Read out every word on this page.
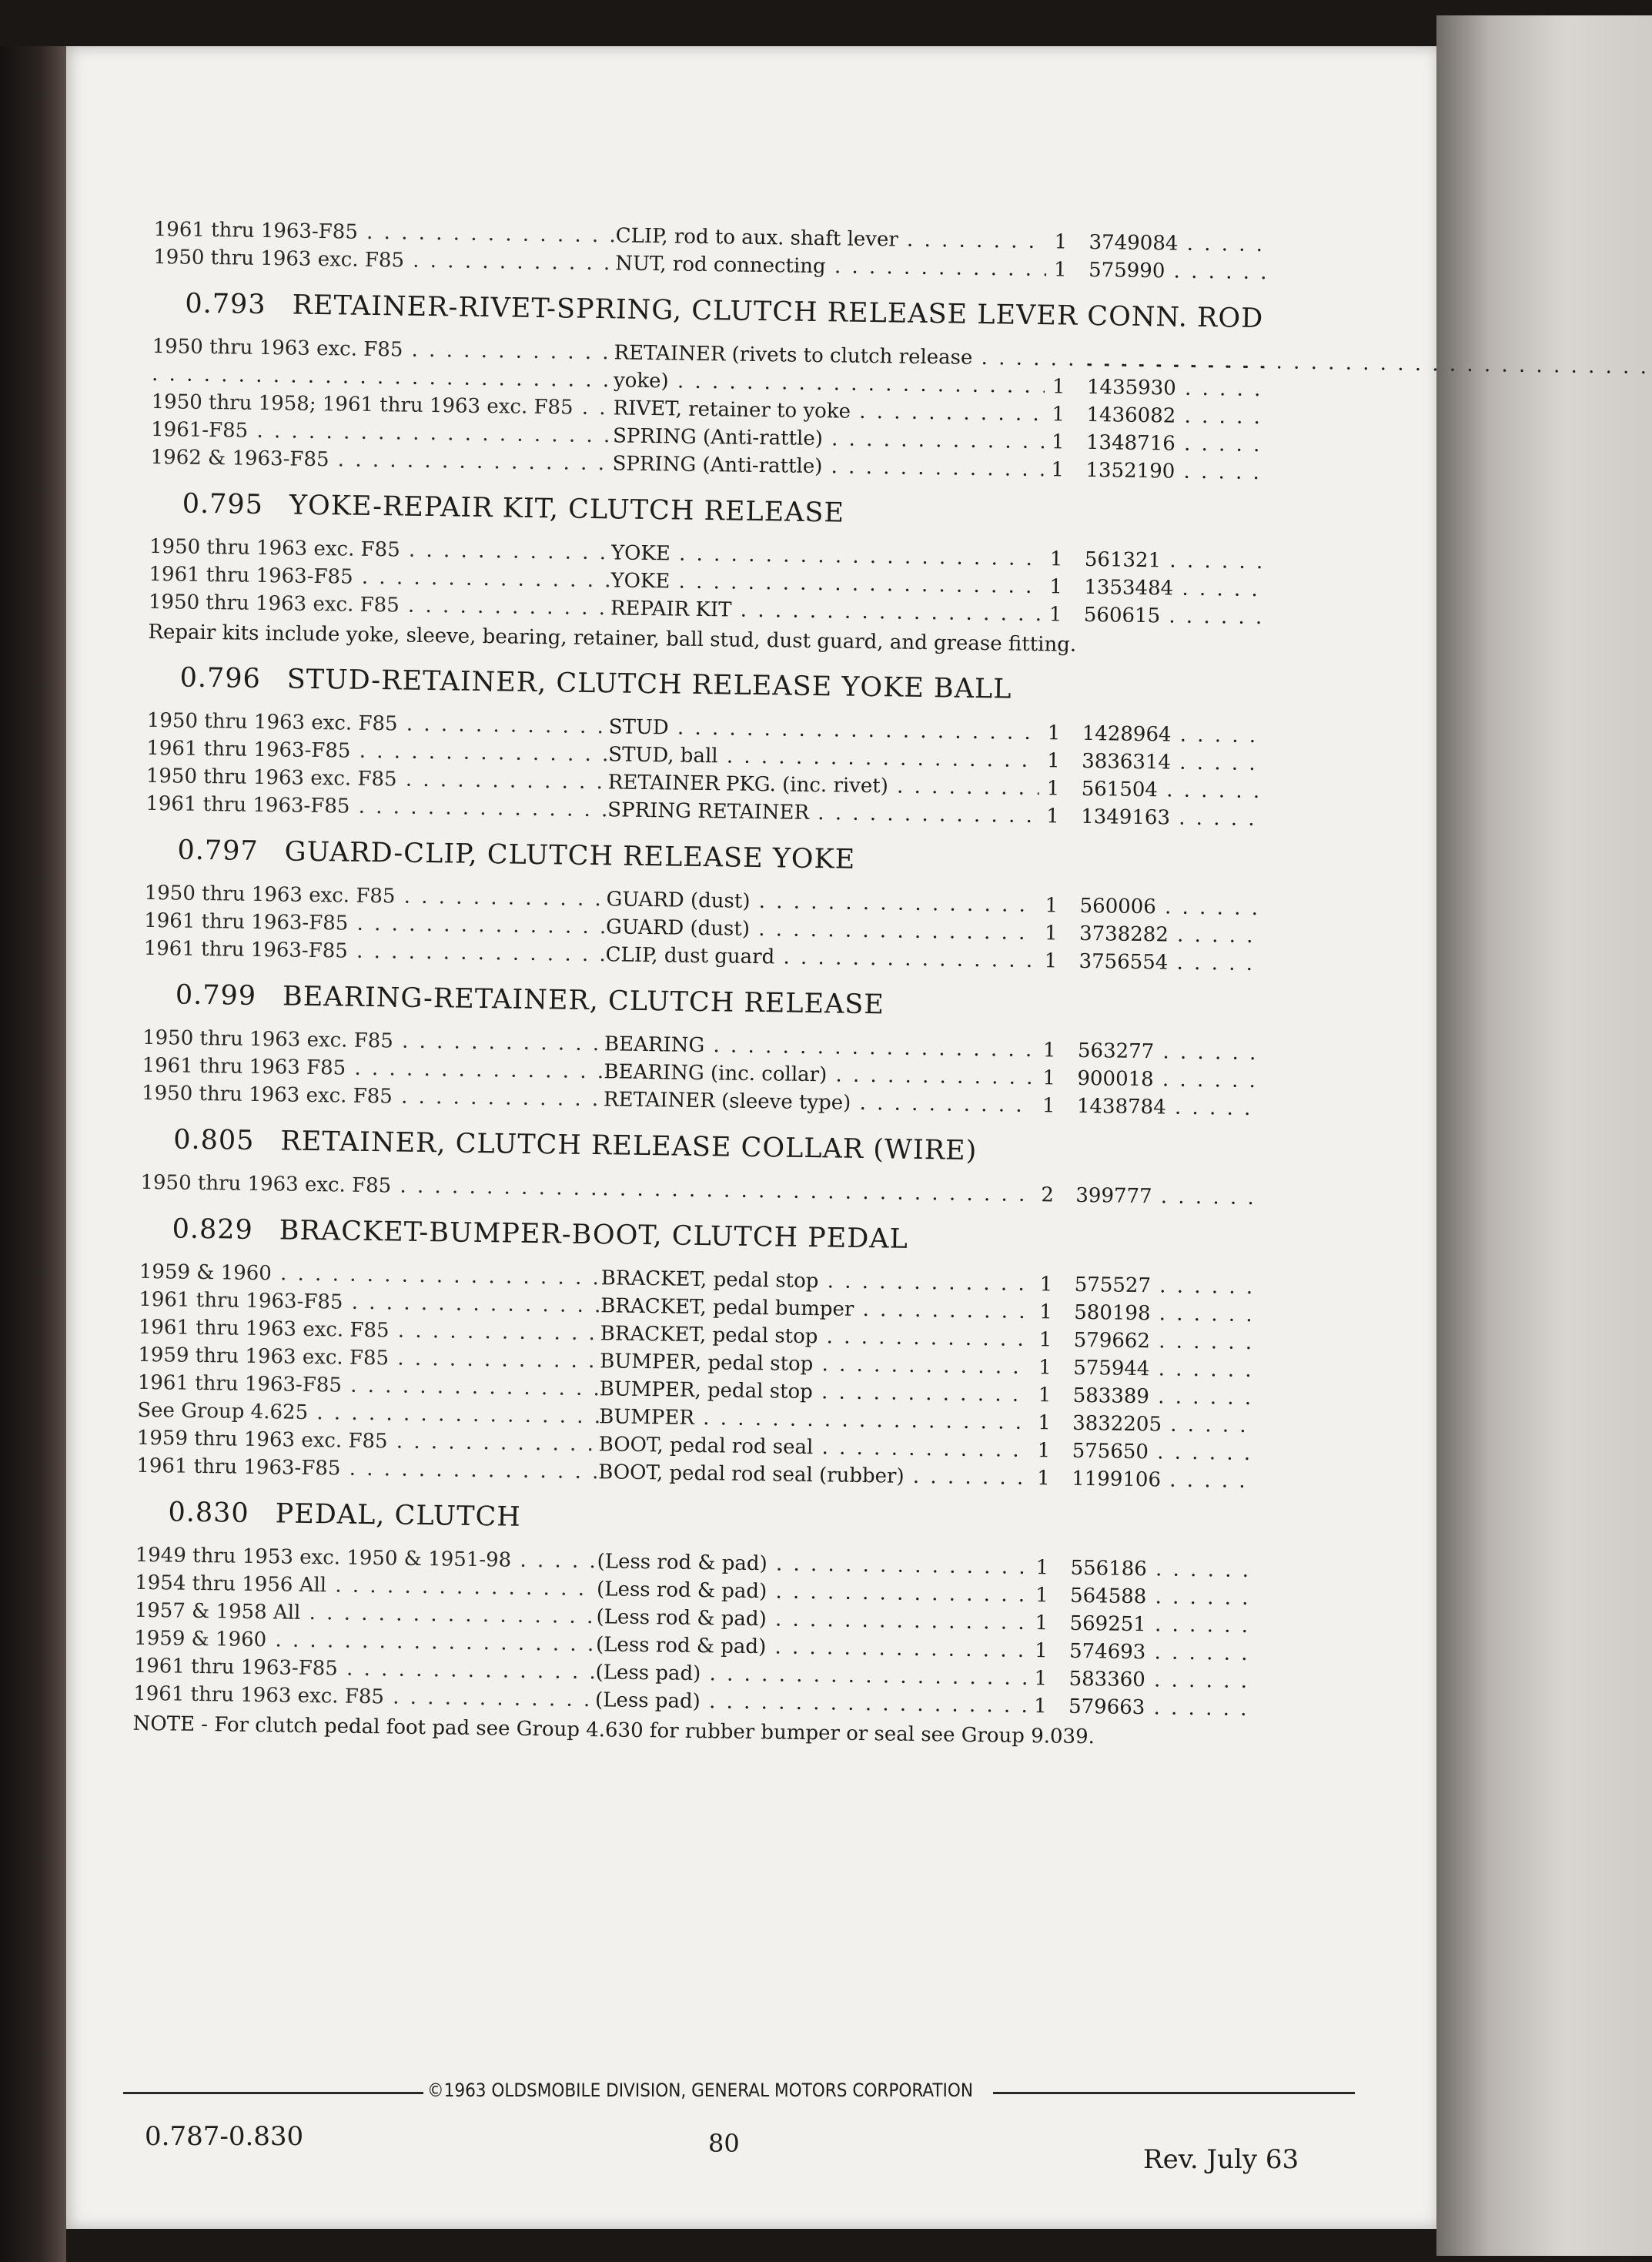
1961 thru 1963-F85 . . .	CLIP, rod to aux. shaft lever . . .	1	3749084 . . .
1950 thru 1963 exc. F85 . . .	NUT, rod connecting . . .	1	575990 . . .
0.793 RETAINER-RIVET-SPRING, CLUTCH RELEASE LEVER CONN. ROD
1950 thru 1963 exc. F85 . . .	RETAINER (rivets to clutch release . . .
. . .
. . .
yoke) . . .	1	1435930 . . .
1950 thru 1958; 1961 thru 1963 exc. F85 . . .	RIVET, retainer to yoke . . .	1	1436082 . . .
1961-F85 . . .	SPRING (Anti-rattle) . . .	1	1348716 . . .
1962 & 1963-F85 . . .	SPRING (Anti-rattle) . . .	1	1352190 . . .
0.795 YOKE-REPAIR KIT, CLUTCH RELEASE
1950 thru 1963 exc. F85 . . .	YOKE . . .	1	561321 . . .
1961 thru 1963-F85 . . .	YOKE . . .	1	1353484 . . .
1950 thru 1963 exc. F85 . . .	REPAIR KIT . . .	1	560615 . . .
Repair kits include yoke, sleeve, bearing, retainer, ball stud, dust guard, and grease fitting.
0.796 STUD-RETAINER, CLUTCH RELEASE YOKE BALL
1950 thru 1963 exc. F85 . . .	STUD . . .	1	1428964 . . .
1961 thru 1963-F85 . . .	STUD, ball . . .	1	3836314 . . .
1950 thru 1963 exc. F85 . . .	RETAINER PKG. (inc. rivet) . . .	1	561504 . . .
1961 thru 1963-F85 . . .	SPRING RETAINER . . .	1	1349163 . . .
0.797 GUARD-CLIP, CLUTCH RELEASE YOKE
1950 thru 1963 exc. F85 . . .	GUARD (dust) . . .	1	560006 . . .
1961 thru 1963-F85 . . .	GUARD (dust) . . .	1	3738282 . . .
1961 thru 1963-F85 . . .	CLIP, dust guard . . .	1	3756554 . . .
0.799 BEARING-RETAINER, CLUTCH RELEASE
1950 thru 1963 exc. F85 . . .	BEARING . . .	1	563277 . . .
1961 thru 1963 F85 . . .	BEARING (inc. collar) . . .	1	900018 . . .
1950 thru 1963 exc. F85 . . .	RETAINER (sleeve type) . . .	1	1438784 . . .
0.805 RETAINER, CLUTCH RELEASE COLLAR (WIRE)
1950 thru 1963 exc. F85 . . .
. . .	2	399777 . . .
0.829 BRACKET-BUMPER-BOOT, CLUTCH PEDAL
1959 & 1960 . . .	BRACKET, pedal stop . . .	1	575527 . . .
1961 thru 1963-F85 . . .	BRACKET, pedal bumper . . .	1	580198 . . .
1961 thru 1963 exc. F85 . . .	BRACKET, pedal stop . . .	1	579662 . . .
1959 thru 1963 exc. F85 . . .	BUMPER, pedal stop . . .	1	575944 . . .
1961 thru 1963-F85 . . .	BUMPER, pedal stop . . .	1	583389 . . .
See Group 4.625 . . .	BUMPER . . .	1	3832205 . . .
1959 thru 1963 exc. F85 . . .	BOOT, pedal rod seal . . .	1	575650 . . .
1961 thru 1963-F85 . . .	BOOT, pedal rod seal (rubber) . . .	1	1199106 . . .
0.830 PEDAL, CLUTCH
1949 thru 1953 exc. 1950 & 1951-98 . . .	(Less rod & pad) . . .	1	556186 . . .
1954 thru 1956 All . . .	(Less rod & pad) . . .	1	564588 . . .
1957 & 1958 All . . .	(Less rod & pad) . . .	1	569251 . . .
1959 & 1960 . . .	(Less rod & pad) . . .	1	574693 . . .
1961 thru 1963-F85 . . .	(Less pad) . . .	1	583360 . . .
1961 thru 1963 exc. F85 . . .	(Less pad) . . .	1	579663 . . .
NOTE - For clutch pedal foot pad see Group 4.630 for rubber bumper or seal see Group 9.039.
©1963 OLDSMOBILE DIVISION, GENERAL MOTORS CORPORATION
0.787-0.830	80
Rev. July 63
